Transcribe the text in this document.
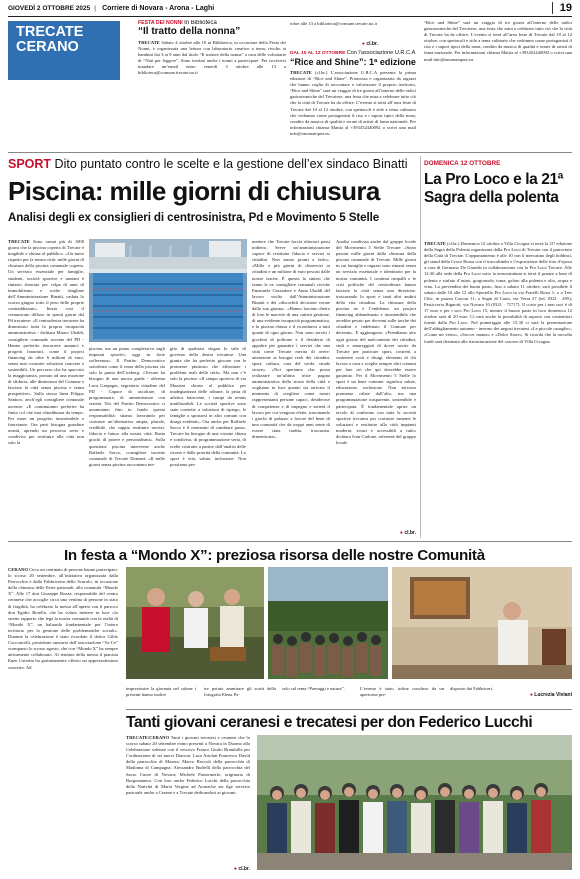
GIOVEDÌ 2 OTTOBRE 2025 | Corriere di Novara - Arona - Laghi	19
TRECATE
CERANO
FESTA DEI NONNI In Biblioteca
“Il tratto della nonna”
TRECATE Sabato 4 ottobre alle 10 in Biblioteca, in occasione della Festa dei Nonni, è organizzata una lettura con laboratorio creativo a tema, rivolto ai bambini dai 3 ai 9 anni dal titolo “Il trattore della nonna” a cura delle volontarie di “Nati per leggere”. Sono invitati anche i nonni a partecipare. Per iscriversi mandare un’email entro venerdì 3 ottobre alle 13 a biblioteca@comune.trecate.no.it
tobre alle 13 a biblioteca@comune.trecate.no.it
● cl.br.
DAL 10 AL 12 OTTOBRE Con l’associazione U.R.C.A
“Rice and Shine”: 1ª edizione
TRECATE (cl.br.) L’associazione U.R.C.A presenta la prima edizione di “Rice and Shine”. Promossa e organizzata da ragazzi che hanno voglia di raccontare e valorizzare il proprio territorio, “Rice and Shine” sarà un viaggio di tre giorni all’interno delle radici gastronomiche del Trecatese, una festa che mira a celebrare tutto ciò che la città di Trecate ha da offrire. L’evento si terrà all’area feste di Trecate dal 10 al 12 ottobre, con spettacoli e stile a tema culinario che vedranno come protagonisti il riso e i sapori tipici della nona, condito da musica di qualità e serate di artisti di fama nazionale. Per informazioni chiama Mattia al +393452440092 o scrivi una mail info@onomatopea.eu.
“Rice and Shine” sarà un viaggio di tre giorni all’interno delle radici gastronomiche del Trecatese, una festa che mira a celebrare tutto ciò che la città di Trecate ha da offrire. L’evento si terrà all’area feste di Trecate dal 10 al 12 ottobre, con spettacoli e stile a tema culinario che vedranno come protagonisti il riso e i sapori tipici della nona, condito da musica di qualità e serate di artisti di fama nazionale. Per informazioni chiama Mattia al +393452440092 o scrivi una mail info@onomatopea.eu.
SPORT Dito puntato contro le scelte e la gestione dell’ex sindaco Binatti
Piscina: mille giorni di chiusura
Analisi degli ex consiglieri di centrosinistra, Pd e Movimento 5 Stelle
TRECATE Sono ormai più di 1000 giorni che la piscina coperta di Trecate è inagibile e chiusa al pubblico. «Un mese rispetto per la nostra città: mille giorni di chiusura della piscina comunale coperta. Un servizio essenziale per famiglie, studenti, società sportive e anziani è rimasto sbarrato per colpa di anni di immobilismo e scelte sbagliate dell’Amministrazione Binatti, caduta lo scorso giugno sotto il peso delle proprie contraddizioni». Inizia così il comunicato diffuso in questi giorni dal Pd trecatese: «Il centrodestra trecatese ha dimostrato tutta la propria incapacità amministrativa - dichiara Mauro Ubaldi, consigliere comunale uscente del PD - Hanno preferito rincorrere annunci e progetti faraonici, come il project financing da oltre 6 milioni di euro, senza mai costruire soluzioni concrete e sostenibili. Un percorso che ha spaccato la maggioranza, portato ad una mozione di sfiducia, alle dimissioni del Comune e lasciato la città senza piscina e senza prospettive». Sulla stessa linea Filippo Santoro, anch’egli consigliere comunale uscente: «E continuiamo preferire ha finito col che mai chiudibuara da tempo. Per mare un progetto insostenibile e fuorviante. Ora però bisogna guardare avanti, aprendo un percorso serio e condiviso per restituire alla città non solo la
piscina, ma un piano complessivo sugli impianti sportivi, oggi in forte sofferenza». Il Partito Democratico sottolinea come il tema della piscina sia solo la punta dell’iceberg: «Trecate ha bisogno di una nuova guida - afferma Luca Gaspagni, segretario cittadino del PD - Capace di ascoltare, di programmare, di amministrare con serietà. Noi del Partito Democratico ci assumiamo fino in fondo questa responsabilità: stiamo lavorando per costruire un’alternativa ampia, plurale, credibile, che sappia restituire servizi, fiducia e futuro alla nostra città. Basta giochi di potere e personalismi». Sulla questione piscina interviene anche Raffaele Sacco, consigliere uscente comunale di Trecate Domani: «Il mille giorni senza piscina raccontano me-
glio di qualsiasi slogan lo stile di governo della destra trecatese. Una giunta che ha preferito giocare con le promesse piuttosto che affrontare i problemi reali della città». Ma non c’è solo la piscina: «Il campo sportivo di via Mazzini chiuso al pubblico per inadeguatezza delle tribune, la pista di atletica fatiscente, i campi da tennis inutilizzabili. Le società sportive sono state costrette a soluzioni di ripiego, le famiglie a spostarsi in altri comuni con disagi evidenti». Ora anche per Raffaele Sacco è il momento di cambiare passo. Trecate ha bisogno di una visione chiara e condivisa, di programmazione seria, di scelte costruite a partire dall’analisi delle risorse e dalle priorità della comunità. Lo sport è vita, salute, inclusione. Non possiamo per-
mettere che Trecate faccia ulteriori passi indietro. Serve un’amministrazione capace di restituire fiducia e servizi ai cittadini. Non siamo pronti a farlo». «Mille e più giorni di disservizi ai cittadini e un milione di euro pescati dalle nostre tasche. È questa la sintesi che fanno le ex consigliere comunali civiche Emanuela Cazzadore e Anna Ubaldi del lavoro svolto dall’Amministrazione Binatti e dei «discorbili decisioni verate dalla sua giunta». «Hanno lasciato dietro di loro le macerie di una cattiva gestione, di una evidente incapacità programmatica, e la piscina chiusa e il ricondurrsi a tutti quanti di ogni giorno. Non sono serviti i giochini di poltrone e il desiderio di appalire per garantire i servizi che una città come Trecate merita di avere: attenzione ai bisogni reali dei cittadini, sport, cultura, cura del verde, strade sicure». «Noi speriamo che possa realizzare un’ultima triste pagina amministrativa della storia della città e vogliamo in luce quanto sia arrivato il momento di scegliere come nostri rappresentanti persone capaci, desiderose di competenze e di impegno e serietà il lavoro per cui vengono elette, trascinando i giochi di palazzo a favore del bene di una comunità che da troppi anni sente di essere stata tradita, trascurata, dimenticata».
Analisi condivisa anche dal gruppo locale del Movimento 5 Stelle Trecate: «Sono passati mille giorni dalla chiusura della piscina comunale di Trecate. Mille giorni in cui famiglie e ragazzi sono rimasti senza un servizio essenziale e identitario per la nostra comunità. I continui rimpalli e le crisi politiche del centrodestra hanno lasciato la città senza una direzione, trascurando lo sport e tanti altri ambiti della vita cittadina. La chiusura della piscina ne è l’emblema: un project financing abbandonato e insostenibile che avrebbe pesato per decenni sulle tasche dei cittadini e indebitato il Comune per decenni». E aggiungono: «Prendiamo atto ogni giorno del malcontento dei cittadini, stufi e amareggiati di dover uscire da Trecate per praticare sport, costretti a sostenere costi e disagi, elementi di chi lavora a casa e sceglie sempre altri comuni per fare ciò che qui dovrebbe essere garantito. Per il Movimento 5 Stelle lo sport è un bene comune: significa salute, educazione, inclusione. Non servono promesse calate dall’alto, ma una programmazione trasparente, sostenibile e partecipata. È fondamentale aprire un tavolo di confronto con tutte le società sportive trecatesi per costruire insieme le soluzioni e restituire alla città impianti moderni, sicuri e accessibili a tutti» dichiara Ivan Carlone, referente del gruppo locale.
● cl.br.
DOMENICA 12 OTTOBRE
La Pro Loco e la 21ª Sagra della polenta
TRECATE (cl.br.) Domenica 12 ottobre a Villa Cicogna si terrà la 21ª edizione della Sagra della Polenta organizzata dalla Pro Loco di Trecate con il patrocinio della Città di Trecate. L’appuntamento è alle 10 con il mercatino degli hobbisti, gli stand della Croce Rossa con il truccabimbi e l’esposizione delle foto d’epoca a cura di Germano De Grandis in collaborazione con la Pro Loco Trecate. Alle 12:30 alla sede della Pro Loco sotto la tensostruttura si terrà il pranzo a base di polenta e stufato d’asino, gorgonzola, toma, gelato alla polenta e olio, acqua e vino. La prevendita dei buoni pasto, fino a sabato 11 ottobre, sarà possibile il sabato dalle 10 alle 12 allo Sportello Pro Loco in via Fratelli Rossi 1; o a Tres Chic, in piazza Cavour 11; a Segni di Carta, via Verra 27 (tel. 0321 · 495); Pasticceria Bignotti, via Novara 10 (0321 · 71717). Il costo per i non soci è di 17 euro e per i soci Pro Loco 15, mentre il buono pasto in loco domenica 12 ottobre sarà di 20 euro. Ci sarà anche la possibilità di asporto con contenitori forniti dalla Pro Loco. Nel pomeriggio alle 15.30 ci sarà la presentazione dell’abbigliamento autunno - inverno dei negozi trecatesi «Le piccole canaglie», «Come mi vesto», «Soccer mania» e «Dolce Store». Si ricorda che la raccolta fondi sarà destinata alla ristrutturazione del cascero di Villa Cicogna.
In festa a “Mondo X”: preziosa risorsa delle nostre Comunità
CERANO Circa un centinaio di persone hanno partecipato, lo scorso 20 settembre, all’iniziativa organizzata dalla Parrocchia e dalla Fabbriceria dello Scurolo, in occasione della chiusura delle Feste patronali, alla comunità “Mondo X”. Alle 17 don Giuseppe Rozza, responsabile del centro ceranese che accoglie circa una ventina di persone in stato di fragilità, ha celebrato la messa all’aperto con il parroco don Egidio Borella, che ha voluto mettere in luce «lo stretto rapporto che lega la nostra comunità con la realtà di “Mondo X”, un baluardo fondamentale per l’intero territorio per la gestione delle problematiche sociali». Durante la celebrazione è stato ricordato il dottor Gildo Cocconcelli, presidente onorario dell’associazione “Vo-Ce” scomparso lo scorso agosto, che con “Mondo X” ha sempre attivamente collaborato. Al termine della messa il pianista Enzo Carretta ha gratuitamente offerto un apprezzatissimo concerto. Ad
impreziosire la giornata nel salone i presenti hanno inoltre
tre potuto ammirare gli scatti della fotografa Elena Pa-
solo sul tema “Paesaggi e natura”.	L’evento è stato, infine concluso da un apericena pre-
disposto dai Fabbriceri.
● Lucrezia Viviani
Tanti giovani ceranesi e trecatesi per don Federico Lucchi
TRECATE/CERANO Tanti i giovani trecatesi e ceranesi che lo scorso sabato 20 settembre erano presenti a Novara in Duomo alla Celebrazione solenne con il vescovo Franco Giulio Brambilla per l’ordinazione di sei nuovi Diaconi: Luca Artolan Francesco David della parrocchia di Masera; Marco Boccoli della parrocchia di Madonna di Campagna; Alessandro Buffelli della parrocchia del Sacro Cuore di Novara; Michele Pastormerlo, originario di Borgomanero. Con loro anche Federico Lucchi della parrocchia della Natività di Maria Vergine ad Aronache sta ilge servizio pastorale anche a Cerano e a Trecate dedicandosi ai giovani.
● cl.br.
